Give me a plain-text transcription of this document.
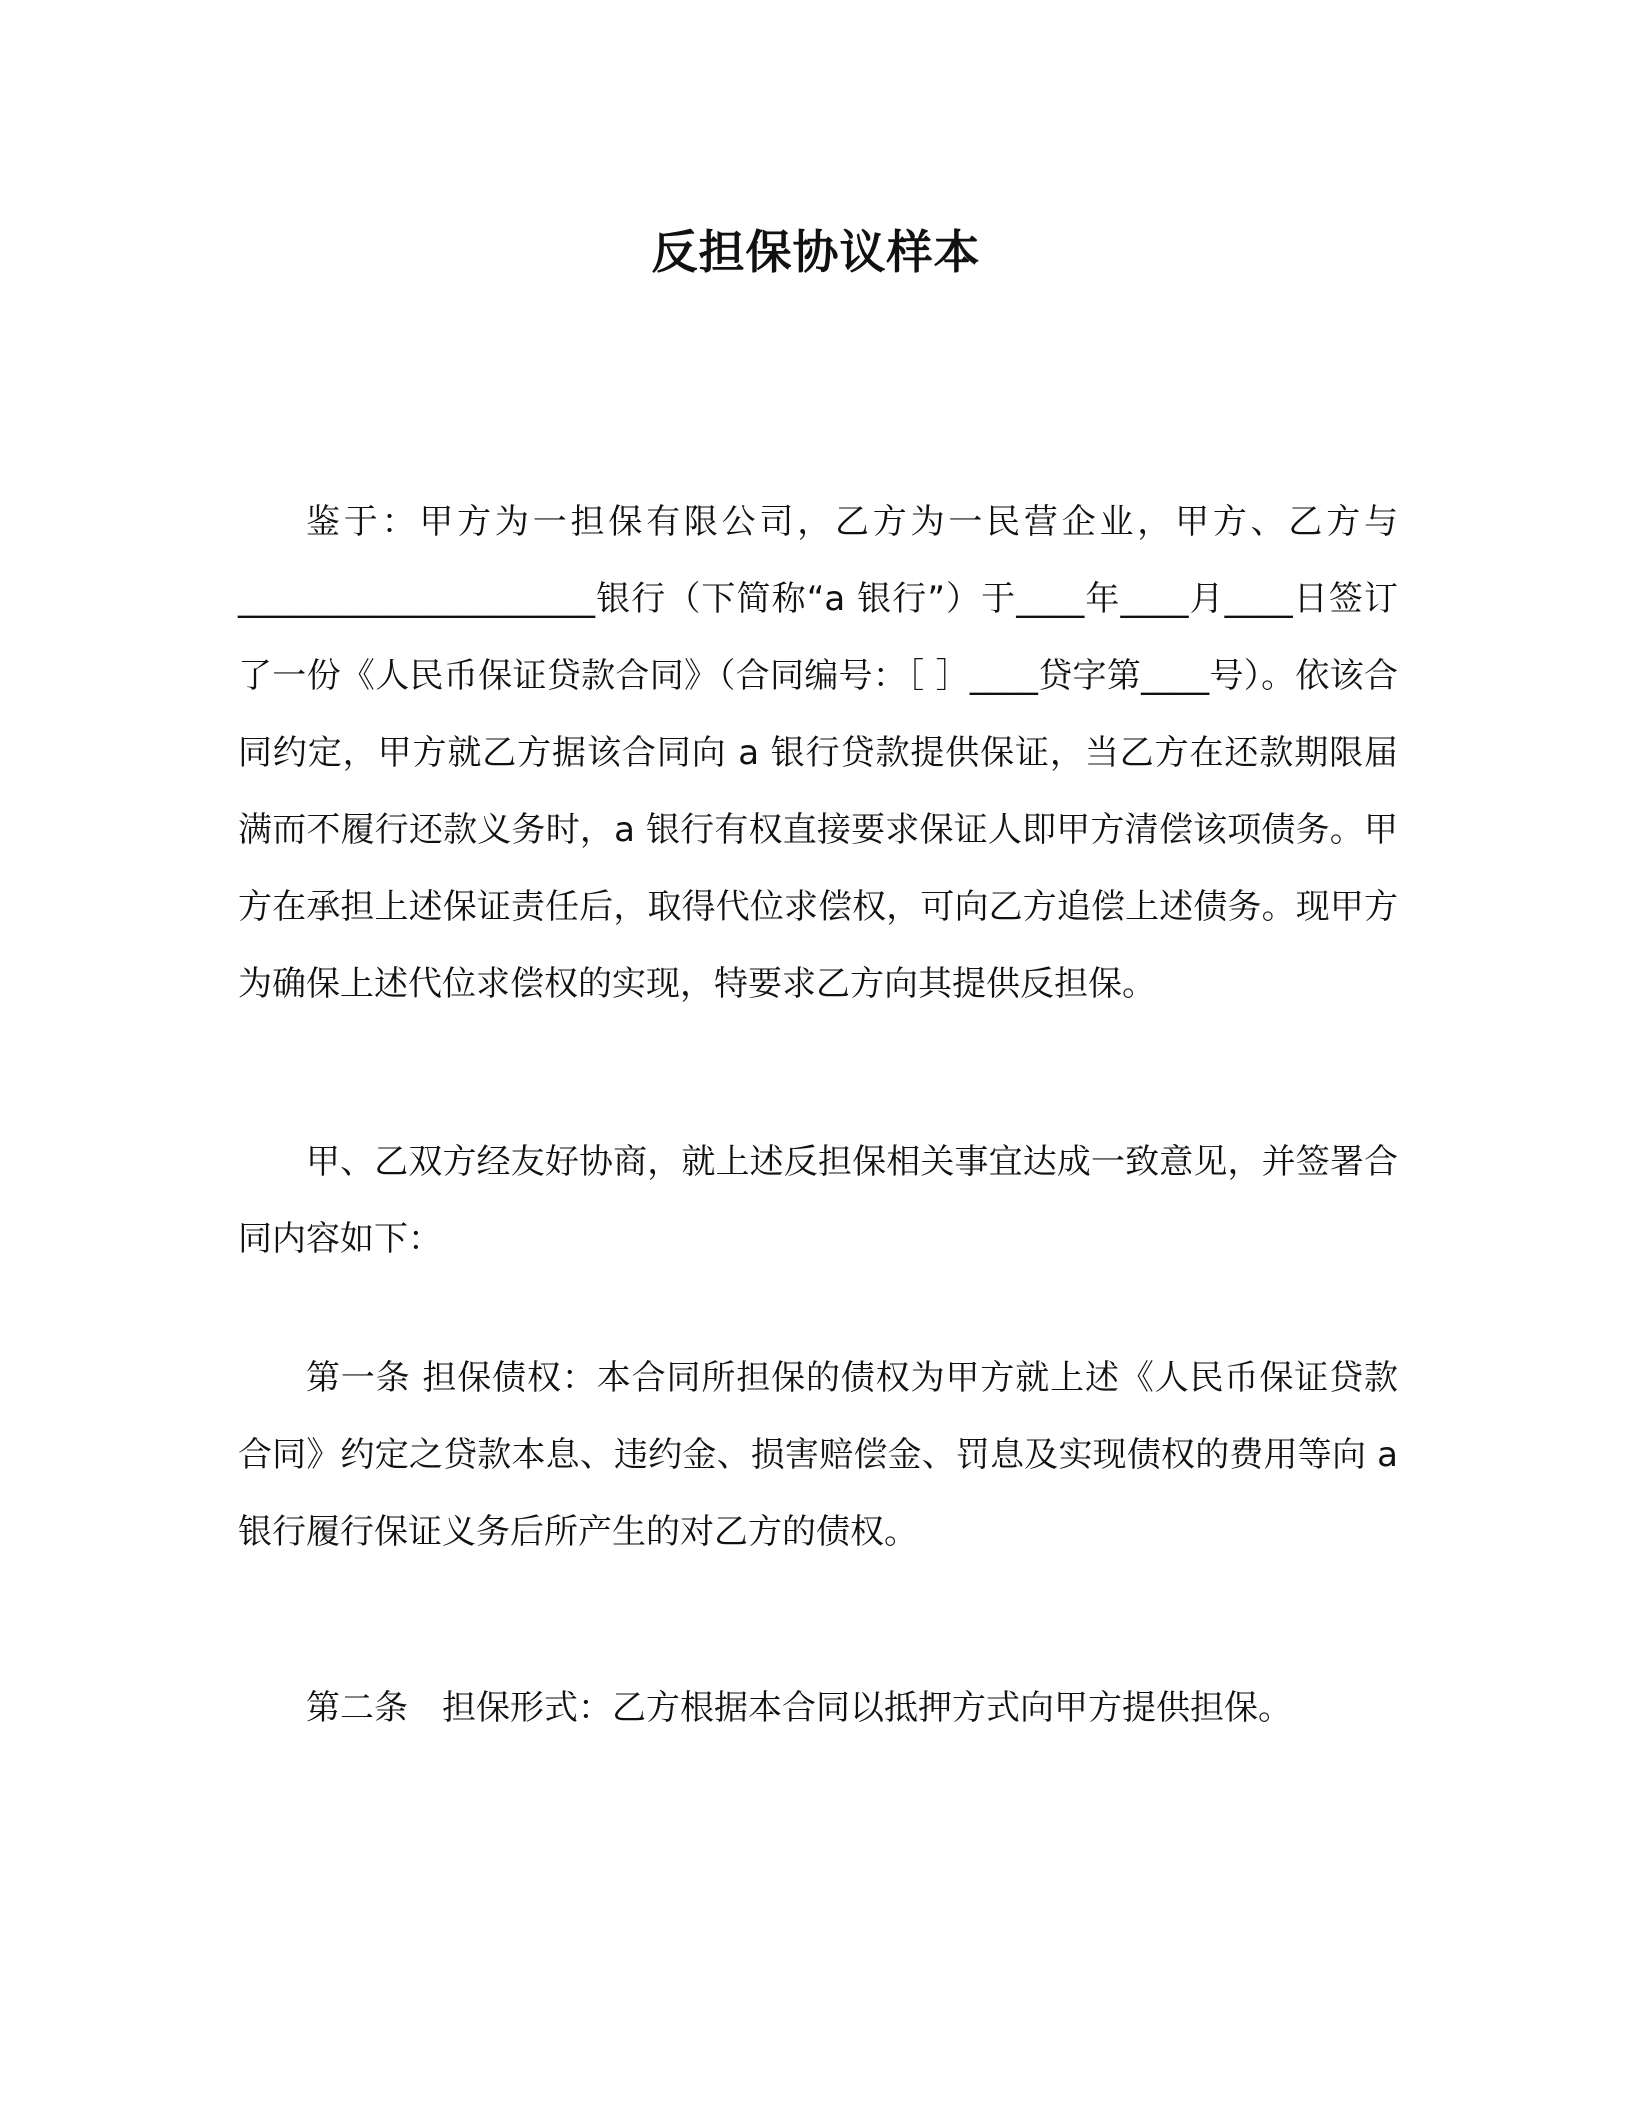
反担保协议样本

鉴于：甲方为一担保有限公司，乙方为一民营企业，甲方、乙方与_____________________银行（下简称“a 银行”）于____年____月____日签订了一份《人民币保证贷款合同》（合同编号：［ ］____贷字第____号）。依该合同约定，甲方就乙方据该合同向 a 银行贷款提供保证，当乙方在还款期限届满而不履行还款义务时，a 银行有权直接要求保证人即甲方清偿该项债务。甲方在承担上述保证责任后，取得代位求偿权，可向乙方追偿上述债务。现甲方为确保上述代位求偿权的实现，特要求乙方向其提供反担保。

甲、乙双方经友好协商，就上述反担保相关事宜达成一致意见，并签署合同内容如下：

第一条 担保债权：本合同所担保的债权为甲方就上述《人民币保证贷款合同》约定之贷款本息、违约金、损害赔偿金、罚息及实现债权的费用等向 a 银行履行保证义务后所产生的对乙方的债权。

第二条　担保形式：乙方根据本合同以抵押方式向甲方提供担保。
